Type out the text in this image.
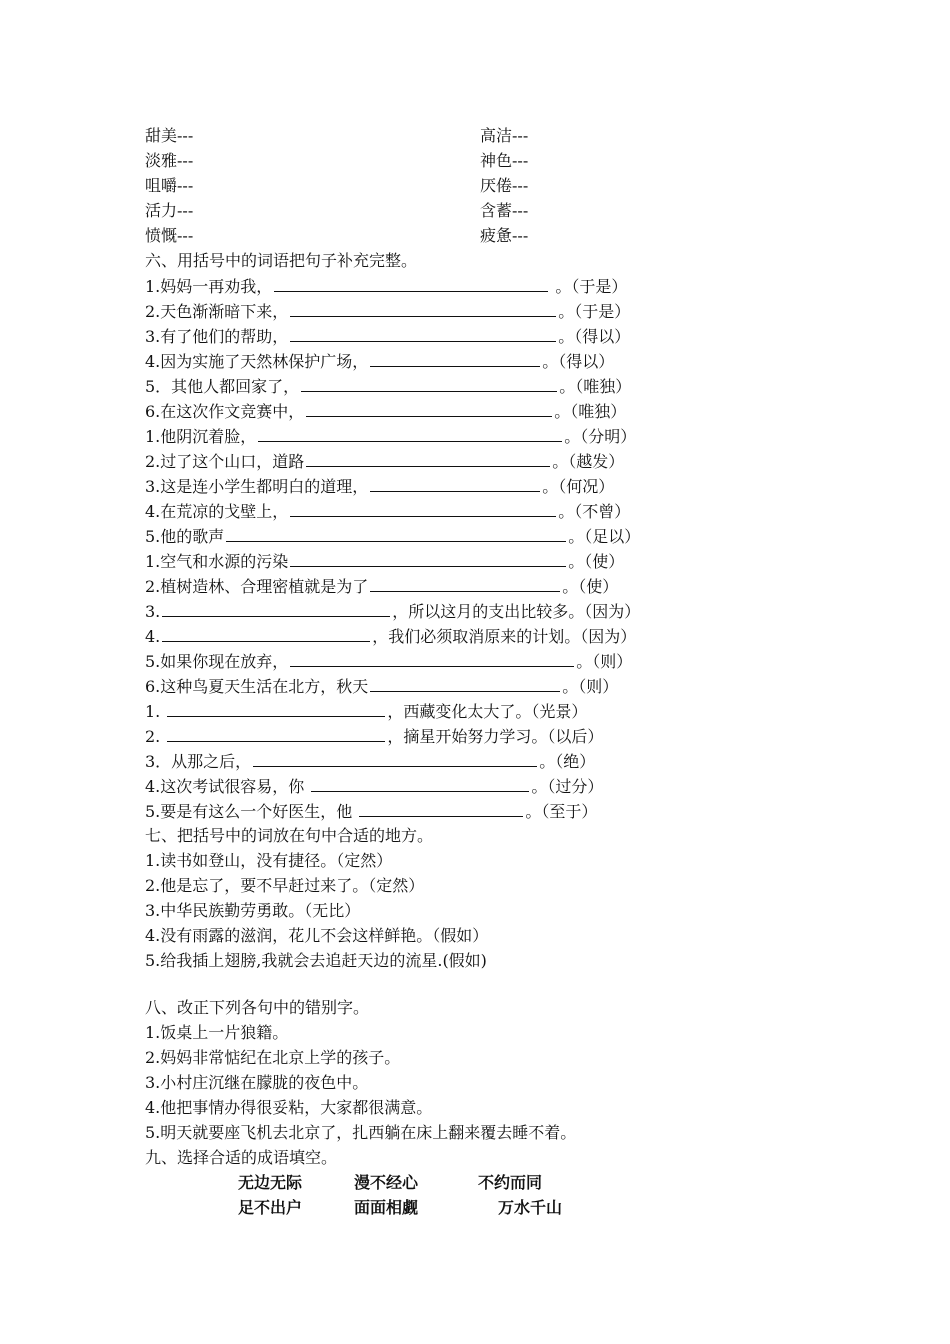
甜美---	高洁---
淡雅---	神色---
咀嚼---	厌倦---
活力---	含蓄---
愤慨---	疲惫---
六、用括号中的词语把句子补充完整。
1.妈妈一再劝我，	。（于是）
2.天色渐渐暗下来，	。（于是）
3.有了他们的帮助，	。（得以）
4.因为实施了天然林保护广场，	。（得以）
5．其他人都回家了，	。（唯独）
6.在这次作文竞赛中，	。（唯独）
1.他阴沉着脸，	。（分明）
2.过了这个山口，道路	。（越发）
3.这是连小学生都明白的道理，	。（何况）
4.在荒凉的戈壁上，	。（不曾）
5.他的歌声	。（足以）
1.空气和水源的污染	。（使）
2.植树造林、合理密植就是为了	。（使）
3.	，所以这月的支出比较多。（因为）
4.	，我们必须取消原来的计划。（因为）
5.如果你现在放弃，	。（则）
6.这种鸟夏天生活在北方，秋天	。（则）
1.	，西藏变化太大了。（光景）
2.	，摘星开始努力学习。（以后）
3．从那之后，	。（绝）
4.这次考试很容易，你	。（过分）
5.要是有这么一个好医生，他	。（至于）
七、把括号中的词放在句中合适的地方。
1.读书如登山，没有捷径。（定然）
2.他是忘了，要不早赶过来了。（定然）
3.中华民族勤劳勇敢。（无比）
4.没有雨露的滋润，花儿不会这样鲜艳。（假如）
5.给我插上翅膀,我就会去追赶天边的流星.(假如)
八、改正下列各句中的错别字。
1.饭桌上一片狼籍。
2.妈妈非常惦纪在北京上学的孩子。
3.小村庄沉继在朦胧的夜色中。
4.他把事情办得很妥粘，大家都很满意。
5.明天就要座飞机去北京了，扎西躺在床上翻来覆去睡不着。
九、选择合适的成语填空。
无边无际	漫不经心	不约而同
足不出户	面面相觑	万水千山
